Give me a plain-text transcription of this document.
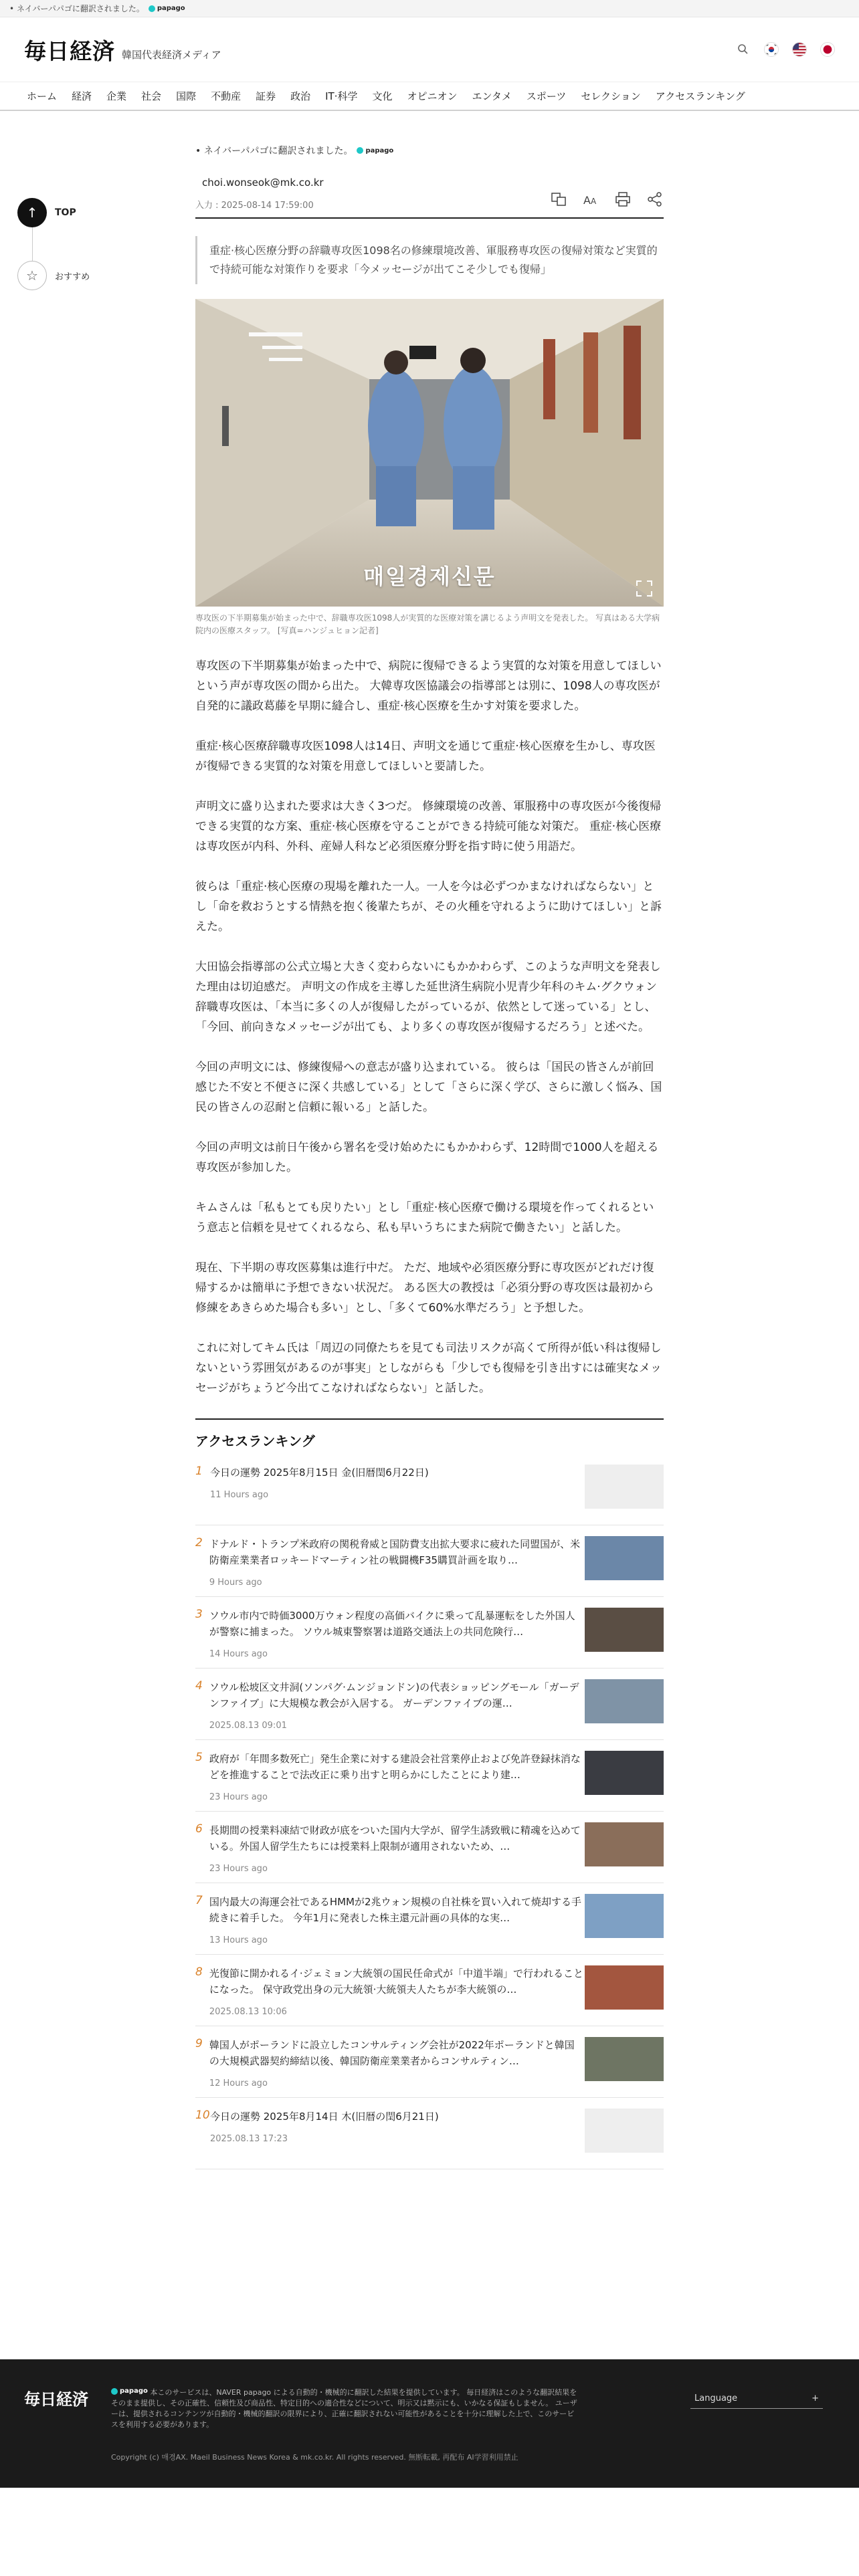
• ネイバーパパゴに翻訳されました。 papago
毎日経済 韓国代表経済メディア
ホーム 経済 企業 社会 国際 不動産 証券 政治 IT·科学 文化 オピニオン エンタメ スポーツ セレクション アクセスランキング
↑	TOP
☆	おすすめ
• ネイバーパパゴに翻訳されました。 papago
choi.wonseok@mk.co.kr
入力 : 2025-08-14 17:59:00	A A
重症·核心医療分野の辞職専攻医1098名の修練環境改善、軍服務専攻医の復帰対策など実質的で持続可能な対策作りを要求「今メッセージが出てこそ少しでも復帰」
매일경제신문
専攻医の下半期募集が始まった中で、辞職専攻医1098人が実質的な医療対策を講じるよう声明文を発表した。 写真はある大学病院内の医療スタッフ。 [写真=ハンジュヒョン記者]

専攻医の下半期募集が始まった中で、病院に復帰できるよう実質的な対策を用意してほしいという声が専攻医の間から出た。 大韓専攻医協議会の指導部とは別に、1098人の専攻医が自発的に議政葛藤を早期に縫合し、重症·核心医療を生かす対策を要求した。

重症·核心医療辞職専攻医1098人は14日、声明文を通じて重症·核心医療を生かし、専攻医が復帰できる実質的な対策を用意してほしいと要請した。

声明文に盛り込まれた要求は大きく3つだ。 修練環境の改善、軍服務中の専攻医が今後復帰できる実質的な方案、重症·核心医療を守ることができる持続可能な対策だ。 重症·核心医療は専攻医が内科、外科、産婦人科など必須医療分野を指す時に使う用語だ。

彼らは「重症·核心医療の現場を離れた一人。一人を今は必ずつかまなければならない」とし「命を救おうとする情熱を抱く後輩たちが、その火種を守れるように助けてほしい」と訴えた。

大田協会指導部の公式立場と大きく変わらないにもかかわらず、このような声明文を発表した理由は切迫感だ。 声明文の作成を主導した延世済生病院小児青少年科のキム·グクウォン辞職専攻医は、「本当に多くの人が復帰したがっているが、依然として迷っている」とし、「今回、前向きなメッセージが出ても、より多くの専攻医が復帰するだろう」と述べた。

今回の声明文には、修練復帰への意志が盛り込まれている。 彼らは「国民の皆さんが前回感じた不安と不便さに深く共感している」として「さらに深く学び、さらに激しく悩み、国民の皆さんの忍耐と信頼に報いる」と話した。

今回の声明文は前日午後から署名を受け始めたにもかかわらず、12時間で1000人を超える専攻医が参加した。

キムさんは「私もとても戻りたい」とし「重症·核心医療で働ける環境を作ってくれるという意志と信頼を見せてくれるなら、私も早いうちにまた病院で働きたい」と話した。

現在、下半期の専攻医募集は進行中だ。 ただ、地域や必須医療分野に専攻医がどれだけ復帰するかは簡単に予想できない状況だ。 ある医大の教授は「必須分野の専攻医は最初から修練をあきらめた場合も多い」とし、「多くて60%水準だろう」と予想した。

これに対してキム氏は「周辺の同僚たちを見ても司法リスクが高くて所得が低い科は復帰しないという雰囲気があるのが事実」としながらも「少しでも復帰を引き出すには確実なメッセージがちょうど今出てこなければならない」と話した。

アクセスランキング
1 今日の運勢 2025年8月15日 金(旧暦閏6月22日)
11 Hours ago
2 ドナルド・トランプ米政府の関税脅威と国防費支出拡大要求に疲れた同盟国が、米防衛産業業者ロッキードマーティン社の戦闘機F35購買計画を取り…
9 Hours ago
3 ソウル市内で時価3000万ウォン程度の高価バイクに乗って乱暴運転をした外国人が警察に捕まった。 ソウル城東警察署は道路交通法上の共同危険行…
14 Hours ago
4 ソウル松坡区文井洞(ソンパグ·ムンジョンドン)の代表ショッピングモール「ガーデンファイブ」に大規模な教会が入居する。 ガーデンファイブの運…
2025.08.13 09:01
5 政府が「年間多数死亡」発生企業に対する建設会社営業停止および免許登録抹消などを推進することで法改正に乗り出すと明らかにしたことにより建…
23 Hours ago
6 長期間の授業料凍結で財政が底をついた国内大学が、留学生誘致戦に精魂を込めている。外国人留学生たちには授業料上限制が適用されないため、…
23 Hours ago
7 国内最大の海運会社であるHMMが2兆ウォン規模の自社株を買い入れて焼却する手続きに着手した。 今年1月に発表した株主還元計画の具体的な実…
13 Hours ago
8 光復節に開かれるイ·ジェミョン大統領の国民任命式が「中道半端」で行われることになった。 保守政党出身の元大統領·大統領夫人たちが李大統領の…
2025.08.13 10:06
9 韓国人がポーランドに設立したコンサルティング会社が2022年ポーランドと韓国の大規模武器契約締結以後、韓国防衛産業業者からコンサルティン…
12 Hours ago
10 今日の運勢 2025年8月14日 木(旧暦の閏6月21日)
2025.08.13 17:23
毎日経済	papago 本このサービスは、NAVER papago による自動的・機械的に翻訳した結果を提供しています。 毎日経済はこのような翻訳結果をそのまま提供し、その正確性、信頼性及び商品性、特定目的への適合性などについて、明示又は黙示にも、いかなる保証もしません。 ユーザーは、提供されるコンテンツが自動的・機械的翻訳の限界により、正確に翻訳されない可能性があることを十分に理解した上で、このサービスを利用する必要があります。
Copyright (c) 매경AX. Maeil Business News Korea & mk.co.kr. All rights reserved. 無断転載, 再配布 AI学習利用禁止
Language	+
